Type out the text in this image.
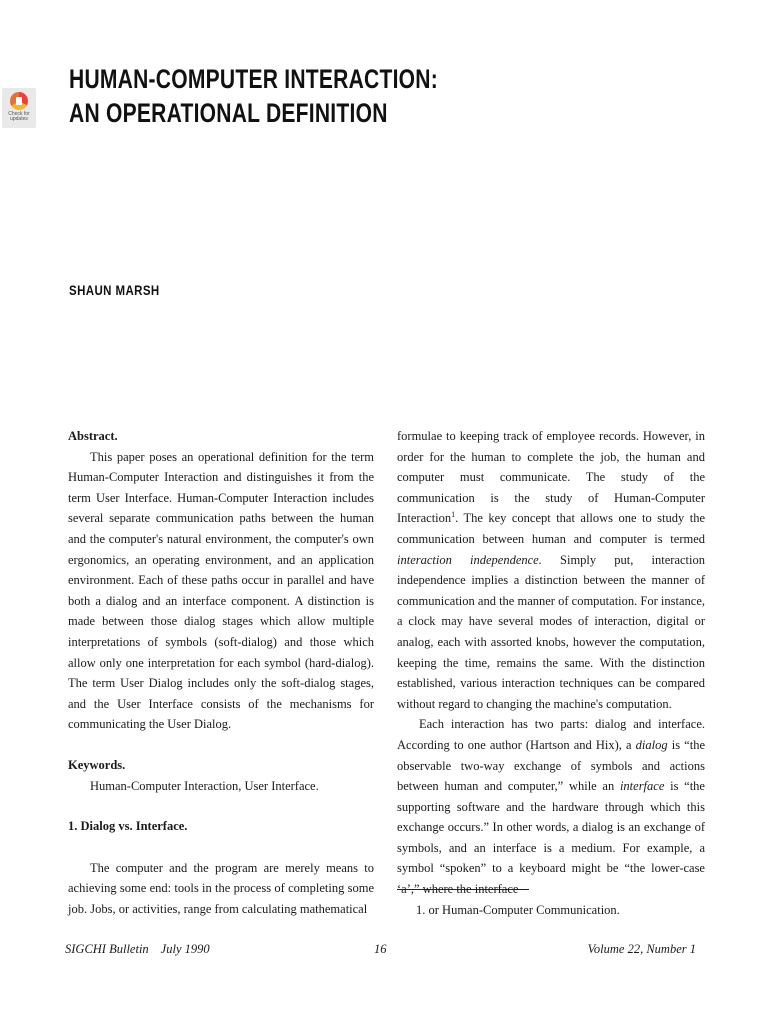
Check for updates
HUMAN-COMPUTER INTERACTION:
AN OPERATIONAL DEFINITION
SHAUN MARSH

Abstract.

This paper poses an operational definition for the term Human-Computer Interaction and distinguishes it from the term User Interface. Human-Computer Interaction includes several separate communication paths between the human and the computer's natural environment, the computer's own ergonomics, an operating environment, and an application environment. Each of these paths occur in parallel and have both a dialog and an interface component. A distinction is made between those dialog stages which allow multiple interpretations of symbols (soft-dialog) and those which allow only one interpretation for each symbol (hard-dialog). The term User Dialog includes only the soft-dialog stages, and the User Interface consists of the mechanisms for communicating the User Dialog.

Keywords.

Human-Computer Interaction, User Interface.

1. Dialog vs. Interface.

The computer and the program are merely means to achieving some end: tools in the process of completing some job. Jobs, or activities, range from calculating mathematical

formulae to keeping track of employee records. However, in order for the human to complete the job, the human and computer must communicate. The study of the communication is the study of Human-Computer Interaction$^1$. The key concept that allows one to study the communication between human and computer is termed interaction independence. Simply put, interaction independence implies a distinction between the manner of communication and the manner of computation. For instance, a clock may have several modes of interaction, digital or analog, each with assorted knobs, however the computation, keeping the time, remains the same. With the distinction established, various interaction techniques can be compared without regard to changing the machine's computation.

Each interaction has two parts: dialog and interface. According to one author (Hartson and Hix), a dialog is “the observable two-way exchange of symbols and actions between human and computer,” while an interface is “the supporting software and the hardware through which this exchange occurs.” In other words, a dialog is an exchange of symbols, and an interface is a medium. For example, a symbol “spoken” to a keyboard might be “the lower-case ‘a’,” where the interface

1. or Human-Computer Communication.

SIGCHI Bulletin July 1990	16	Volume 22, Number 1
